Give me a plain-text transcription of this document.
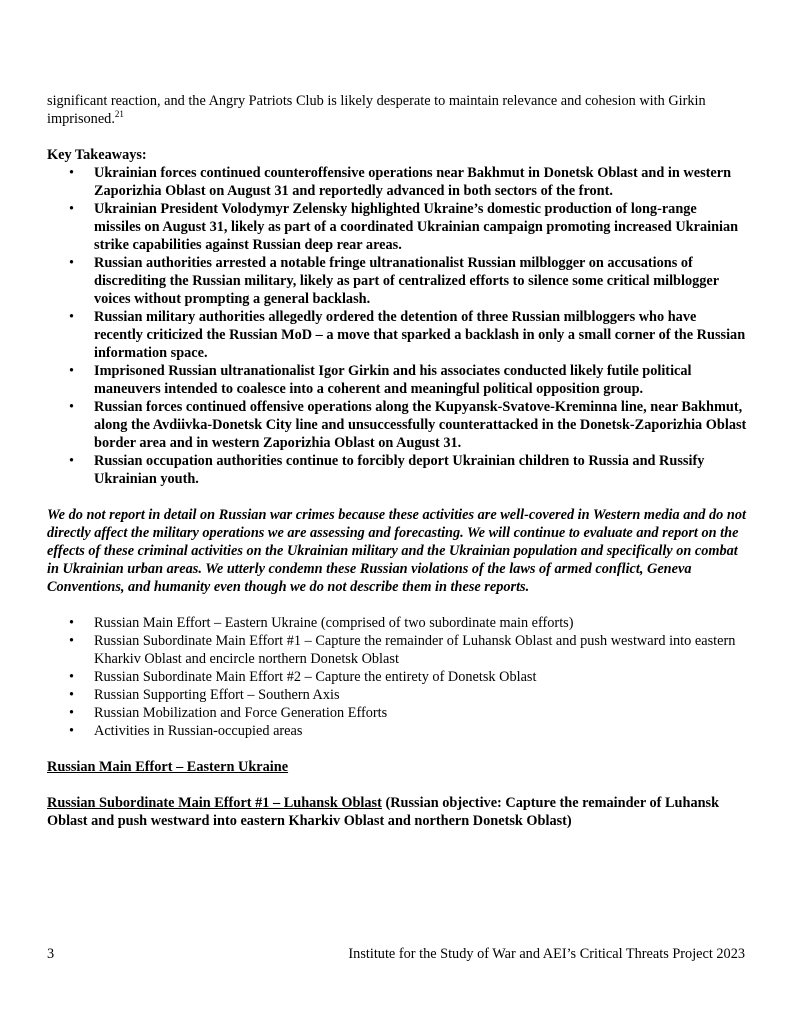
significant reaction, and the Angry Patriots Club is likely desperate to maintain relevance and cohesion with Girkin imprisoned.$^{21}$

Key Takeaways:

• Ukrainian forces continued counteroffensive operations near Bakhmut in Donetsk Oblast and in western Zaporizhia Oblast on August 31 and reportedly advanced in both sectors of the front.
• Ukrainian President Volodymyr Zelensky highlighted Ukraine’s domestic production of long-range missiles on August 31, likely as part of a coordinated Ukrainian campaign promoting increased Ukrainian strike capabilities against Russian deep rear areas.
• Russian authorities arrested a notable fringe ultranationalist Russian milblogger on accusations of discrediting the Russian military, likely as part of centralized efforts to silence some critical milblogger voices without prompting a general backlash.
• Russian military authorities allegedly ordered the detention of three Russian milbloggers who have recently criticized the Russian MoD – a move that sparked a backlash in only a small corner of the Russian information space.
• Imprisoned Russian ultranationalist Igor Girkin and his associates conducted likely futile political maneuvers intended to coalesce into a coherent and meaningful political opposition group.
• Russian forces continued offensive operations along the Kupyansk-Svatove-Kreminna line, near Bakhmut, along the Avdiivka-Donetsk City line and unsuccessfully counterattacked in the Donetsk-Zaporizhia Oblast border area and in western Zaporizhia Oblast on August 31.
• Russian occupation authorities continue to forcibly deport Ukrainian children to Russia and Russify Ukrainian youth.

We do not report in detail on Russian war crimes because these activities are well-covered in Western media and do not directly affect the military operations we are assessing and forecasting. We will continue to evaluate and report on the effects of these criminal activities on the Ukrainian military and the Ukrainian population and specifically on combat in Ukrainian urban areas. We utterly condemn these Russian violations of the laws of armed conflict, Geneva Conventions, and humanity even though we do not describe them in these reports.

• Russian Main Effort – Eastern Ukraine (comprised of two subordinate main efforts)
• Russian Subordinate Main Effort #1 – Capture the remainder of Luhansk Oblast and push westward into eastern Kharkiv Oblast and encircle northern Donetsk Oblast
• Russian Subordinate Main Effort #2 – Capture the entirety of Donetsk Oblast
• Russian Supporting Effort – Southern Axis
• Russian Mobilization and Force Generation Efforts
• Activities in Russian-occupied areas

Russian Main Effort – Eastern Ukraine

Russian Subordinate Main Effort #1 – Luhansk Oblast (Russian objective: Capture the remainder of Luhansk Oblast and push westward into eastern Kharkiv Oblast and northern Donetsk Oblast)

3	Institute for the Study of War and AEI’s Critical Threats Project 2023
